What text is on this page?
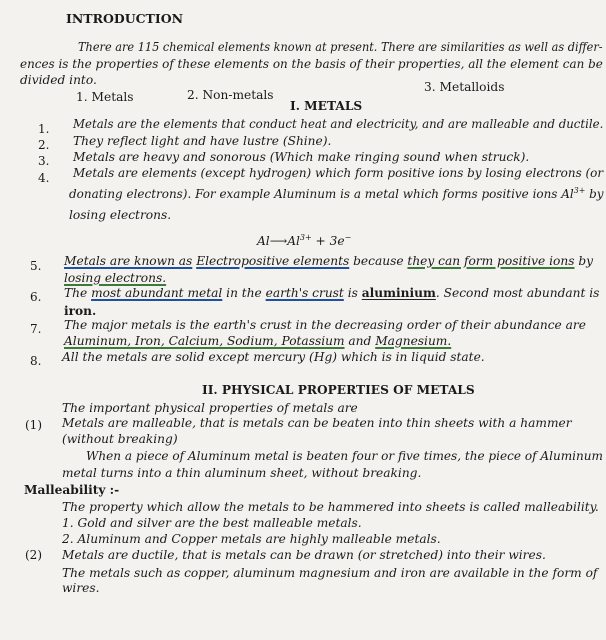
INTRODUCTION
There are 115 chemical elements known at present. There are similarities as well as differ-
ences is the properties of these elements on the basis of their properties, all the element can be
divided into.
1. Metals	2. Non-metals
3. Metalloids
I. METALS
1. Metals are the elements that conduct heat and electricity, and are malleable and ductile.
2. They reflect light and have lustre (Shine).
3. Metals are heavy and sonorous (Which make ringing sound when struck).
4. Metals are elements (except hydrogen) which form positive ions by losing electrons (or
donating electrons). For example Aluminum is a metal which forms positive ions $Al^{3+}$ by
losing electrons.
$Al⟶Al^{3+} + 3e^-$
5. Metals are known as Electropositive elements because they can form positive ions by
losing electrons.
6. The most abundant metal in the earth's crust is aluminium. Second most abundant is
iron.
7. The major metals is the earth's crust in the decreasing order of their abundance are
Aluminum, Iron, Calcium, Sodium, Potassium and Magnesium.
8. All the metals are solid except mercury (Hg) which is in liquid state.
II. PHYSICAL PROPERTIES OF METALS
The important physical properties of metals are
(1) Metals are malleable, that is metals can be beaten into thin sheets with a hammer
(without breaking)
When a piece of Aluminum metal is beaten four or five times, the piece of Aluminum
metal turns into a thin aluminum sheet, without breaking.
Malleability :-
The property which allow the metals to be hammered into sheets is called malleability.
1. Gold and silver are the best malleable metals.
2. Aluminum and Copper metals are highly malleable metals.
(2) Metals are ductile, that is metals can be drawn (or stretched) into their wires.
The metals such as copper, aluminum magnesium and iron are available in the form of
wires.
